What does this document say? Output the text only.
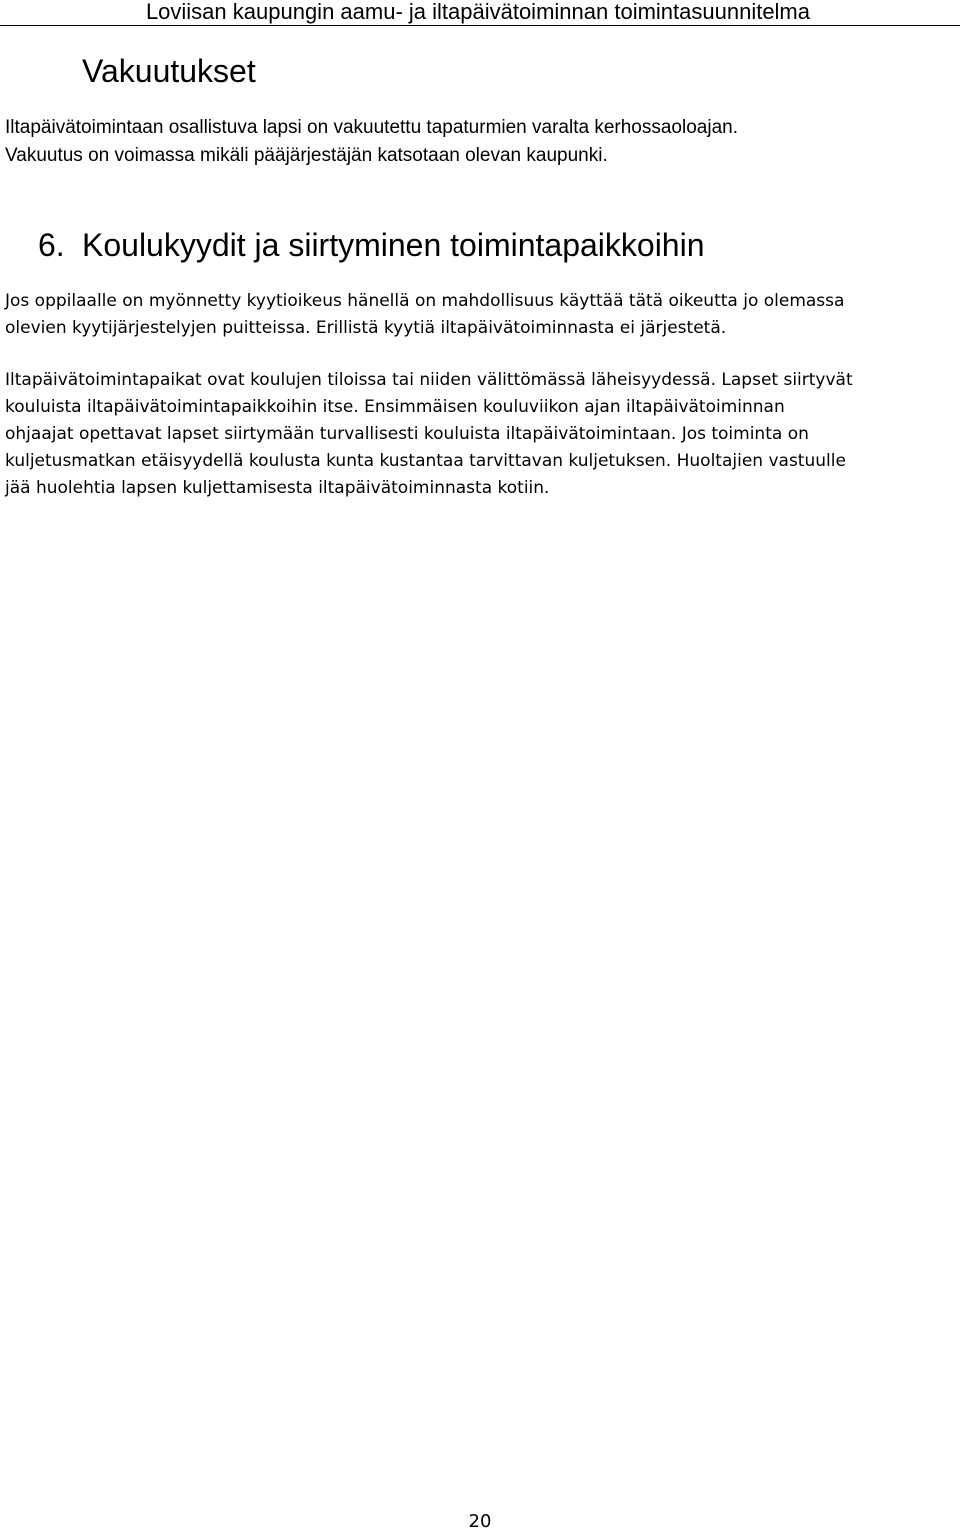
Loviisan kaupungin aamu- ja iltapäivätoiminnan toimintasuunnitelma
Vakuutukset

Iltapäivätoimintaan osallistuva lapsi on vakuutettu tapaturmien varalta kerhossaoloajan.
Vakuutus on voimassa mikäli pääjärjestäjän katsotaan olevan kaupunki.

6. Koulukyydit ja siirtyminen toimintapaikkoihin

Jos oppilaalle on myönnetty kyytioikeus hänellä on mahdollisuus käyttää tätä oikeutta jo olemassa
olevien kyytijärjestelyjen puitteissa. Erillistä kyytiä iltapäivätoiminnasta ei järjestetä.

Iltapäivätoimintapaikat ovat koulujen tiloissa tai niiden välittömässä läheisyydessä. Lapset siirtyvät
kouluista iltapäivätoimintapaikkoihin itse. Ensimmäisen kouluviikon ajan iltapäivätoiminnan
ohjaajat opettavat lapset siirtymään turvallisesti kouluista iltapäivätoimintaan. Jos toiminta on
kuljetusmatkan etäisyydellä koulusta kunta kustantaa tarvittavan kuljetuksen. Huoltajien vastuulle
jää huolehtia lapsen kuljettamisesta iltapäivätoiminnasta kotiin.

20
